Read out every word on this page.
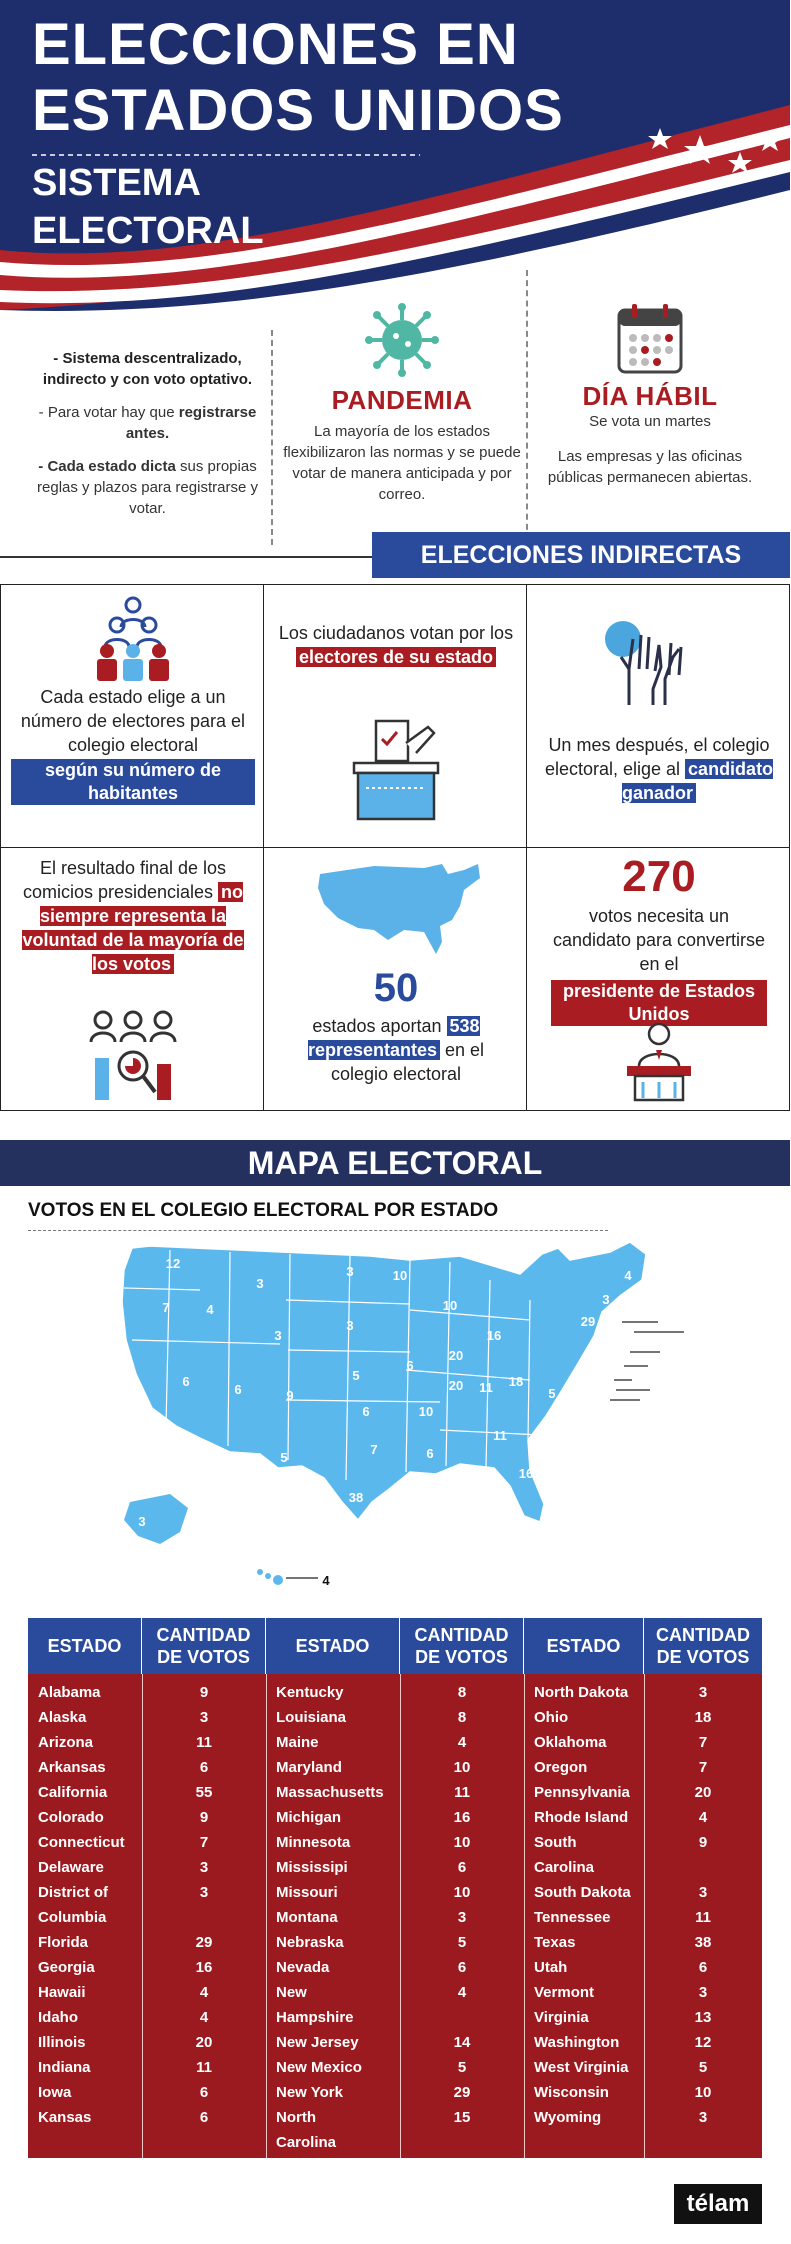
ELECCIONES EN
ESTADOS UNIDOS
SISTEMA
ELECTORAL
- Sistema descentralizado, indirecto y con voto optativo.
- Para votar hay que registrarse antes.
- Cada estado dicta sus propias reglas y plazos para registrarse y votar.
PANDEMIA
La mayoría de los estados flexibilizaron las normas y se puede votar de manera anticipada y por correo.
DÍA HÁBIL
Se vota un martes
Las empresas y las oficinas públicas permanecen abiertas.
ELECCIONES INDIRECTAS
Cada estado elige a un número de electores para el colegio electoral
según su número de habitantes
Los ciudadanos votan por los electores de su estado
Un mes después, el colegio electoral, elige al candidato ganador
El resultado final de los comicios presidenciales no siempre representa la voluntad de la mayoría de los votos
50
estados aportan 538 representantes en el colegio electoral
270
votos necesita un candidato para convertirse en el
presidente de Estados Unidos
MAPA ELECTORAL
VOTOS EN EL COLEGIO ELECTORAL POR ESTADO
12
7	4
3
3
3	10
10
16
4
29
3
11
4
7
14
3
10
3
6
6	9
5
3
6
20 11 18
5
13
55
11	5
6
7
10
11
15
9
6
9 16
38
8
6
29
3
4
20
ESTADO
CANTIDAD DE VOTOS
ESTADO
CANTIDAD DE VOTOS
ESTADO
CANTIDAD DE VOTOS
Alabama	9
Alaska	3
Arizona	11
Arkansas	6
California	55
Colorado	9
Connecticut	7
Delaware	3
District of	3
Columbia
Florida	29
Georgia	16
Hawaii	4
Idaho	4
Illinois	20
Indiana	11
Iowa	6
Kansas	6
Kentucky	8
Louisiana	8
Maine	4
Maryland	10
Massachusetts	11
Michigan	16
Minnesota	10
Mississipi	6
Missouri	10
Montana	3
Nebraska	5
Nevada	6
New	4
Hampshire
New Jersey	14
New Mexico	5
New York	29
North	15
Carolina
North Dakota	3
Ohio	18
Oklahoma	7
Oregon	7
Pennsylvania	20
Rhode Island	4
South	9
Carolina
South Dakota	3
Tennessee	11
Texas	38
Utah	6
Vermont	3
Virginia	13
Washington	12
West Virginia	5
Wisconsin	10
Wyoming	3
télam
